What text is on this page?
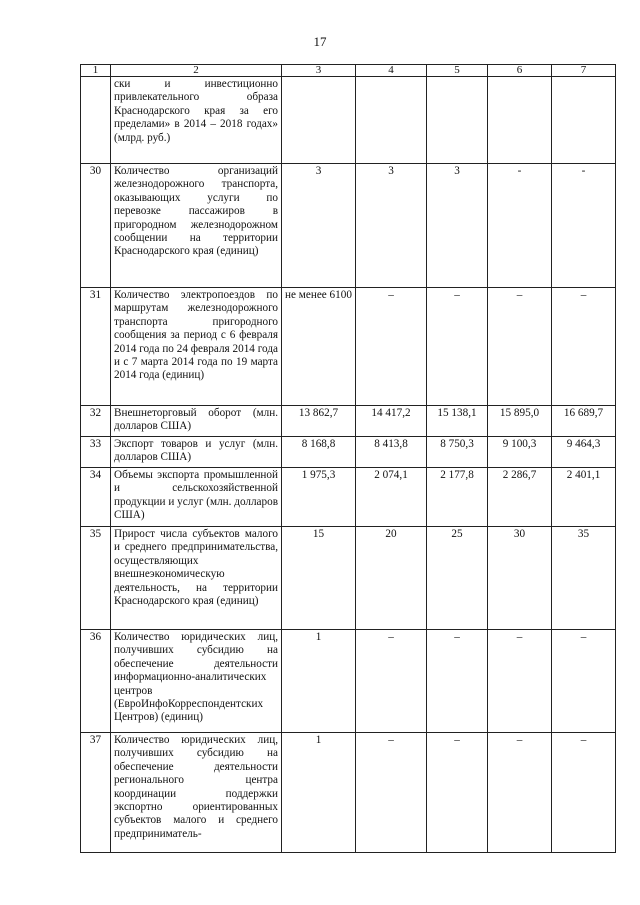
17
1	2	3	4	5	6	7
	ски и инвестиционно привлекательного образа Краснодарского края за его пределами» в 2014 – 2018 годах» (млрд. руб.)					
30	Количество организаций железнодорожного транспорта, оказывающих услуги по перевозке пассажиров в пригородном железнодорожном сообщении на территории Краснодарского края (единиц)	3	3	3	-	-
31	Количество электропоездов по маршрутам железнодорожного транспорта пригородного сообщения за период с 6 февраля 2014 года по 24 февраля 2014 года и с 7 марта 2014 года по 19 марта 2014 года (единиц)	не менее 6100	–	–	–	–
32	Внешнеторговый оборот (млн. долларов США)	13 862,7	14 417,2	15 138,1	15 895,0	16 689,7
33	Экспорт товаров и услуг (млн. долларов США)	8 168,8	8 413,8	8 750,3	9 100,3	9 464,3
34	Объемы экспорта промышленной и сельскохозяйственной продукции и услуг (млн. долларов США)	1 975,3	2 074,1	2 177,8	2 286,7	2 401,1
35	Прирост числа субъектов малого и среднего предпринимательства, осуществляющих внешнеэкономическую деятельность, на территории Краснодарского края (единиц)	15	20	25	30	35
36	Количество юридических лиц, получивших субсидию на обеспечение деятельности информационно-аналитических центров (ЕвроИнфоКорреспондентских Центров) (единиц)	1	–	–	–	–
37	Количество юридических лиц, получивших субсидию на обеспечение деятельности регионального центра координации поддержки экспортно ориентированных субъектов малого и среднего предприниматель-	1	–	–	–	–
